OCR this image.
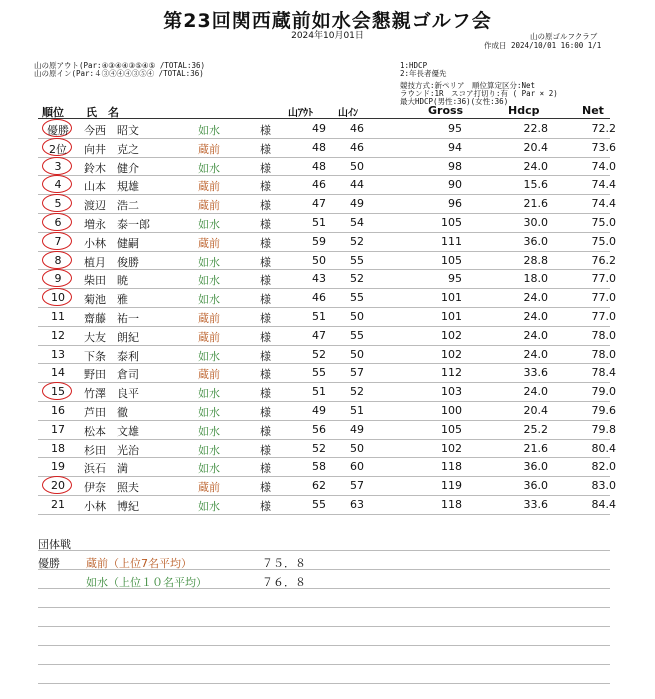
第23回関西蔵前如水会懇親ゴルフ会
2024年10月01日	山の原ゴルフクラブ
作成日 2024/10/01 16:00 1/1
山の原アウト(Par:④③④④③⑤④⑤ /TOTAL:36)
山の原イン(Par:４③④④④③⑤④ /TOTAL:36)
1:HDCP
2:年長者優先
競技方式:新ペリア　順位算定区分:Net
ラウンド:1R　スコア打切り:有 ( Par × 2)
最大HDCP(男性:36)(女性:36)
順位 氏　名	山ｱｳﾄ	山ｲﾝ	Gross	Hdcp	Net
優勝	今西　昭文	如水	様	49	46	95	22.8	72.2
2位	向井　克之	蔵前	様	48	46	94	20.4	73.6
3	鈴木　健介	如水	様	48	50	98	24.0	74.0
4	山本　規雄	蔵前	様	46	44	90	15.6	74.4
5	渡辺　浩二	蔵前	様	47	49	96	21.6	74.4
6	増永　泰一郎	如水	様	51	54	105	30.0	75.0
7	小林　健嗣	蔵前	様	59	52	111	36.0	75.0
8	植月　俊勝	如水	様	50	55	105	28.8	76.2
9	柴田　暁	如水	様	43	52	95	18.0	77.0
10	菊池　雅	如水	様	46	55	101	24.0	77.0
11	齋藤　祐一	蔵前	様	51	50	101	24.0	77.0
12	大友　朗紀	蔵前	様	47	55	102	24.0	78.0
13	下条　泰利	如水	様	52	50	102	24.0	78.0
14	野田　倉司	蔵前	様	55	57	112	33.6	78.4
15	竹澤　良平	如水	様	51	52	103	24.0	79.0
16	芦田　徹	如水	様	49	51	100	20.4	79.6
17	松本　文雄	如水	様	56	49	105	25.2	79.8
18	杉田　光治	如水	様	52	50	102	21.6	80.4
19	浜石　満	如水	様	58	60	118	36.0	82.0
20	伊奈　照夫	蔵前	様	62	57	119	36.0	83.0
21	小林　博紀	如水	様	55	63	118	33.6	84.4
団体戦
優勝 蔵前（上位7名平均）	７５．８
如水（上位１０名平均）	７６．８
